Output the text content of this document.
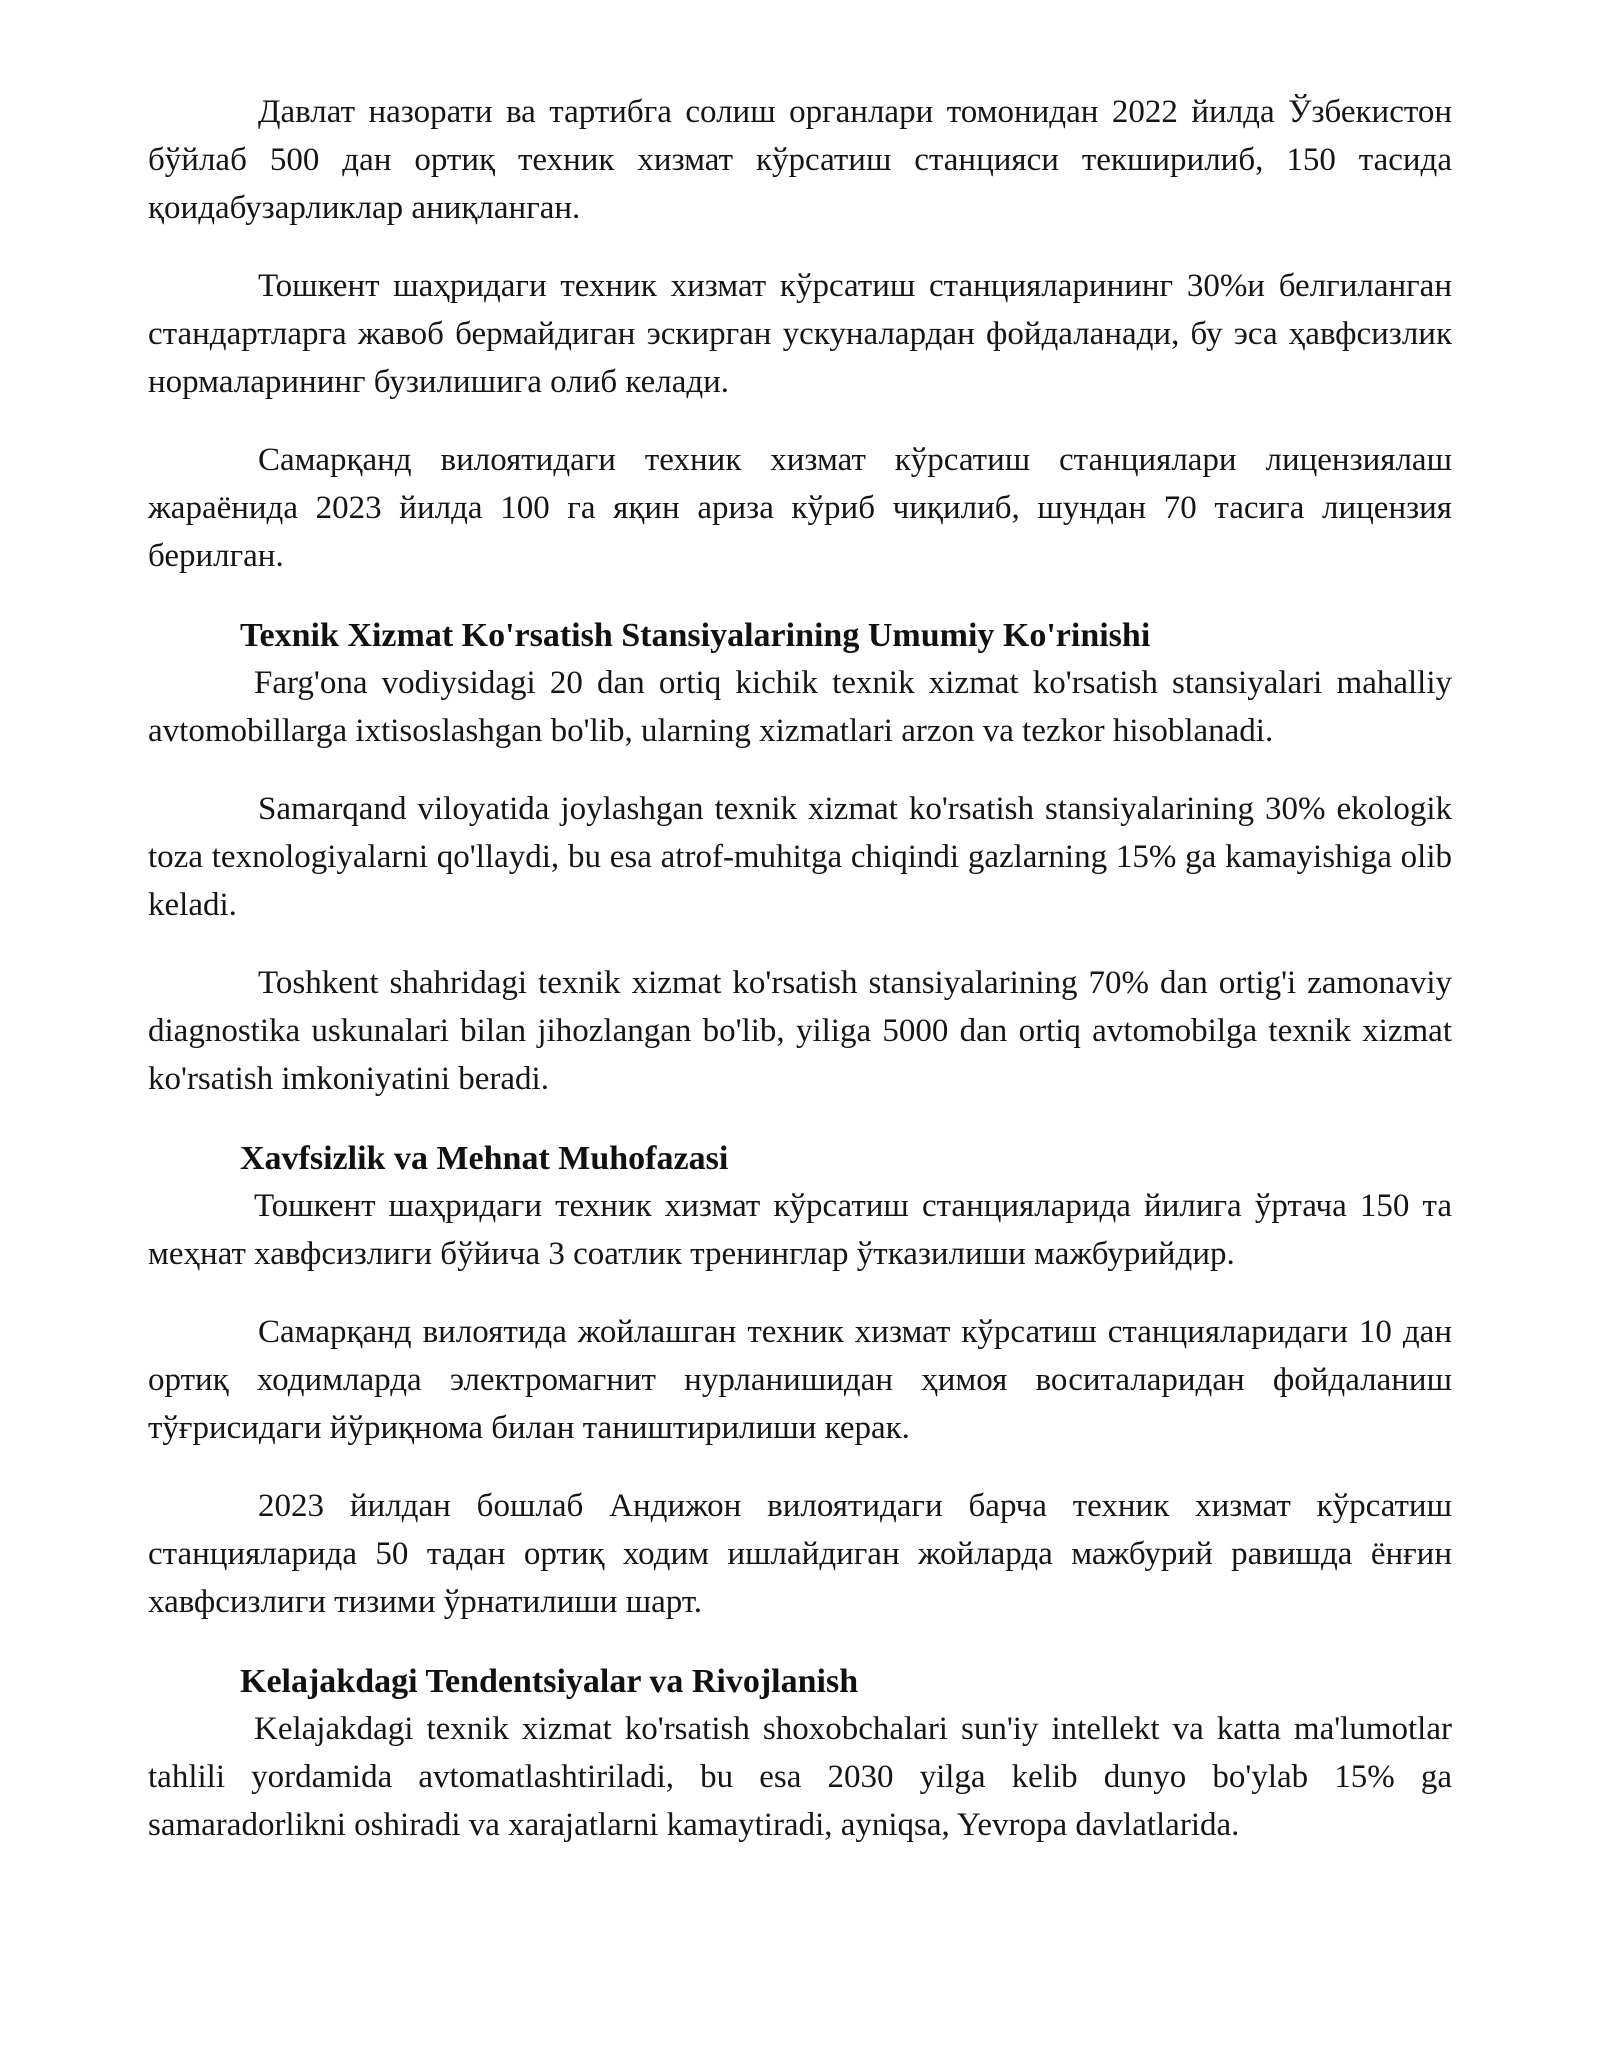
Давлат назорати ва тартибга солиш органлари томонидан 2022 йилда Ўзбекистон бўйлаб 500 дан ортиқ техник хизмат кўрсатиш станцияси текширилиб, 150 тасида қоидабузарликлар аниқланган.

Тошкент шаҳридаги техник хизмат кўрсатиш станцияларининг 30%и белгиланган стандартларга жавоб бермайдиган эскирган ускуналардан фойдаланади, бу эса ҳавфсизлик нормаларининг бузилишига олиб келади.

Самарқанд вилоятидаги техник хизмат кўрсатиш станциялари лицензиялаш жараёнида 2023 йилда 100 га яқин ариза кўриб чиқилиб, шундан 70 тасига лицензия берилган.

Texnik Xizmat Ko'rsatish Stansiyalarining Umumiy Ko'rinishi

Farg'ona vodiysidagi 20 dan ortiq kichik texnik xizmat ko'rsatish stansiyalari mahalliy avtomobillarga ixtisoslashgan bo'lib, ularning xizmatlari arzon va tezkor hisoblanadi.

Samarqand viloyatida joylashgan texnik xizmat ko'rsatish stansiyalarining 30% ekologik toza texnologiyalarni qo'llaydi, bu esa atrof-muhitga chiqindi gazlarning 15% ga kamayishiga olib keladi.

Toshkent shahridagi texnik xizmat ko'rsatish stansiyalarining 70% dan ortig'i zamonaviy diagnostika uskunalari bilan jihozlangan bo'lib, yiliga 5000 dan ortiq avtomobilga texnik xizmat ko'rsatish imkoniyatini beradi.

Xavfsizlik va Mehnat Muhofazasi

Тошкент шаҳридаги техник хизмат кўрсатиш станцияларида йилига ўртача 150 та меҳнат хавфсизлиги бўйича 3 соатлик тренинглар ўтказилиши мажбурийдир.

Самарқанд вилоятида жойлашган техник хизмат кўрсатиш станцияларидаги 10 дан ортиқ ходимларда электромагнит нурланишидан ҳимоя воситаларидан фойдаланиш тўғрисидаги йўриқнома билан таништирилиши керак.

2023 йилдан бошлаб Андижон вилоятидаги барча техник хизмат кўрсатиш станцияларида 50 тадан ортиқ ходим ишлайдиган жойларда мажбурий равишда ёнғин хавфсизлиги тизими ўрнатилиши шарт.

Kelajakdagi Tendentsiyalar va Rivojlanish

Kelajakdagi texnik xizmat ko'rsatish shoxobchalari sun'iy intellekt va katta ma'lumotlar tahlili yordamida avtomatlashtiriladi, bu esa 2030 yilga kelib dunyo bo'ylab 15% ga samaradorlikni oshiradi va xarajatlarni kamaytiradi, ayniqsa, Yevropa davlatlarida.
